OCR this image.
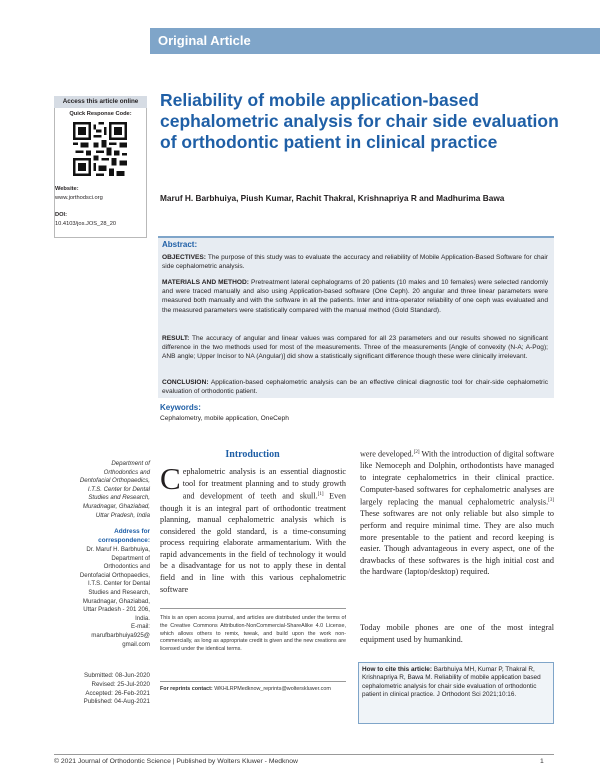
Original Article
Access this article online
Quick Response Code:
Website:
www.jorthodsci.org
DOI:
10.4103/jos.JOS_28_20
Reliability of mobile application-based cephalometric analysis for chair side evaluation of orthodontic patient in clinical practice
Maruf H. Barbhuiya, Piush Kumar, Rachit Thakral, Krishnapriya R and Madhurima Bawa
Abstract:
OBJECTIVES: The purpose of this study was to evaluate the accuracy and reliability of Mobile Application-Based Software for chair side cephalometric analysis.
MATERIALS AND METHOD: Pretreatment lateral cephalograms of 20 patients (10 males and 10 females) were selected randomly and were traced manually and also using Application-based software (One Ceph). 20 angular and three linear parameters were measured both manually and with the software in all the patients. Inter and intra-operator reliability of one ceph was evaluated and the measured parameters were statistically compared with the manual method (Gold Standard).
RESULT: The accuracy of angular and linear values was compared for all 23 parameters and our results showed no significant difference in the two methods used for most of the measurements. Three of the measurements [Angle of convexity (N-A; A-Pog); ANB angle; Upper Incisor to NA (Angular)] did show a statistically significant difference though these were clinically irrelevant.
CONCLUSION: Application-based cephalometric analysis can be an effective clinical diagnostic tool for chair-side cephalometric evaluation of orthodontic patient.
Keywords:
Cephalometry, mobile application, OneCeph
Introduction
Cephalometric analysis is an essential diagnostic tool for treatment planning and to study growth and development of teeth and skull.[1] Even though it is an integral part of orthodontic treatment planning, manual cephalometric analysis which is considered the gold standard, is a time-consuming process requiring elaborate armamentarium. With the rapid advancements in the field of technology it would be a disadvantage for us not to apply these in dental field and in line with this various cephalometric software
were developed.[2] With the introduction of digital software like Nemoceph and Dolphin, orthodontists have managed to integrate cephalometrics in their clinical practice. Computer-based softwares for cephalometric analyses are largely replacing the manual cephalometric analysis.[3] These softwares are not only reliable but also simple to perform and require minimal time. They are also much more presentable to the patient and record keeping is easier. Though advantageous in every aspect, one of the drawbacks of these softwares is the high initial cost and the hardware (laptop/desktop) required.
Today mobile phones are one of the most integral equipment used by humankind.
Department of
Orthodontics and
Dentofacial Orthopaedics,
I.T.S. Center for Dental
Studies and Research,
Muradnagar, Ghaziabad,
Uttar Pradesh, India
Address for
correspondence:
Dr. Maruf H. Barbhuiya,
Department of
Orthodontics and
Dentofacial Orthopaedics,
I.T.S. Center for Dental
Studies and Research,
Muradnagar, Ghaziabad,
Uttar Pradesh - 201 206,
India.
E-mail:
marufbarbhuiya925@
gmail.com
Submitted: 08-Jun-2020
Revised: 25-Jul-2020
Accepted: 26-Feb-2021
Published: 04-Aug-2021
This is an open access journal, and articles are distributed under the terms of the Creative Commons Attribution-NonCommercial-ShareAlike 4.0 License, which allows others to remix, tweak, and build upon the work non-commercially, as long as appropriate credit is given and the new creations are licensed under the identical terms.
For reprints contact: WKHLRPMedknow_reprints@wolterskluwer.com
How to cite this article: Barbhuiya MH, Kumar P, Thakral R, Krishnapriya R, Bawa M. Reliability of mobile application based cephalometric analysis for chair side evaluation of orthodontic patient in clinical practice. J Orthodont Sci 2021;10:16.
© 2021 Journal of Orthodontic Science | Published by Wolters Kluwer - Medknow	1
